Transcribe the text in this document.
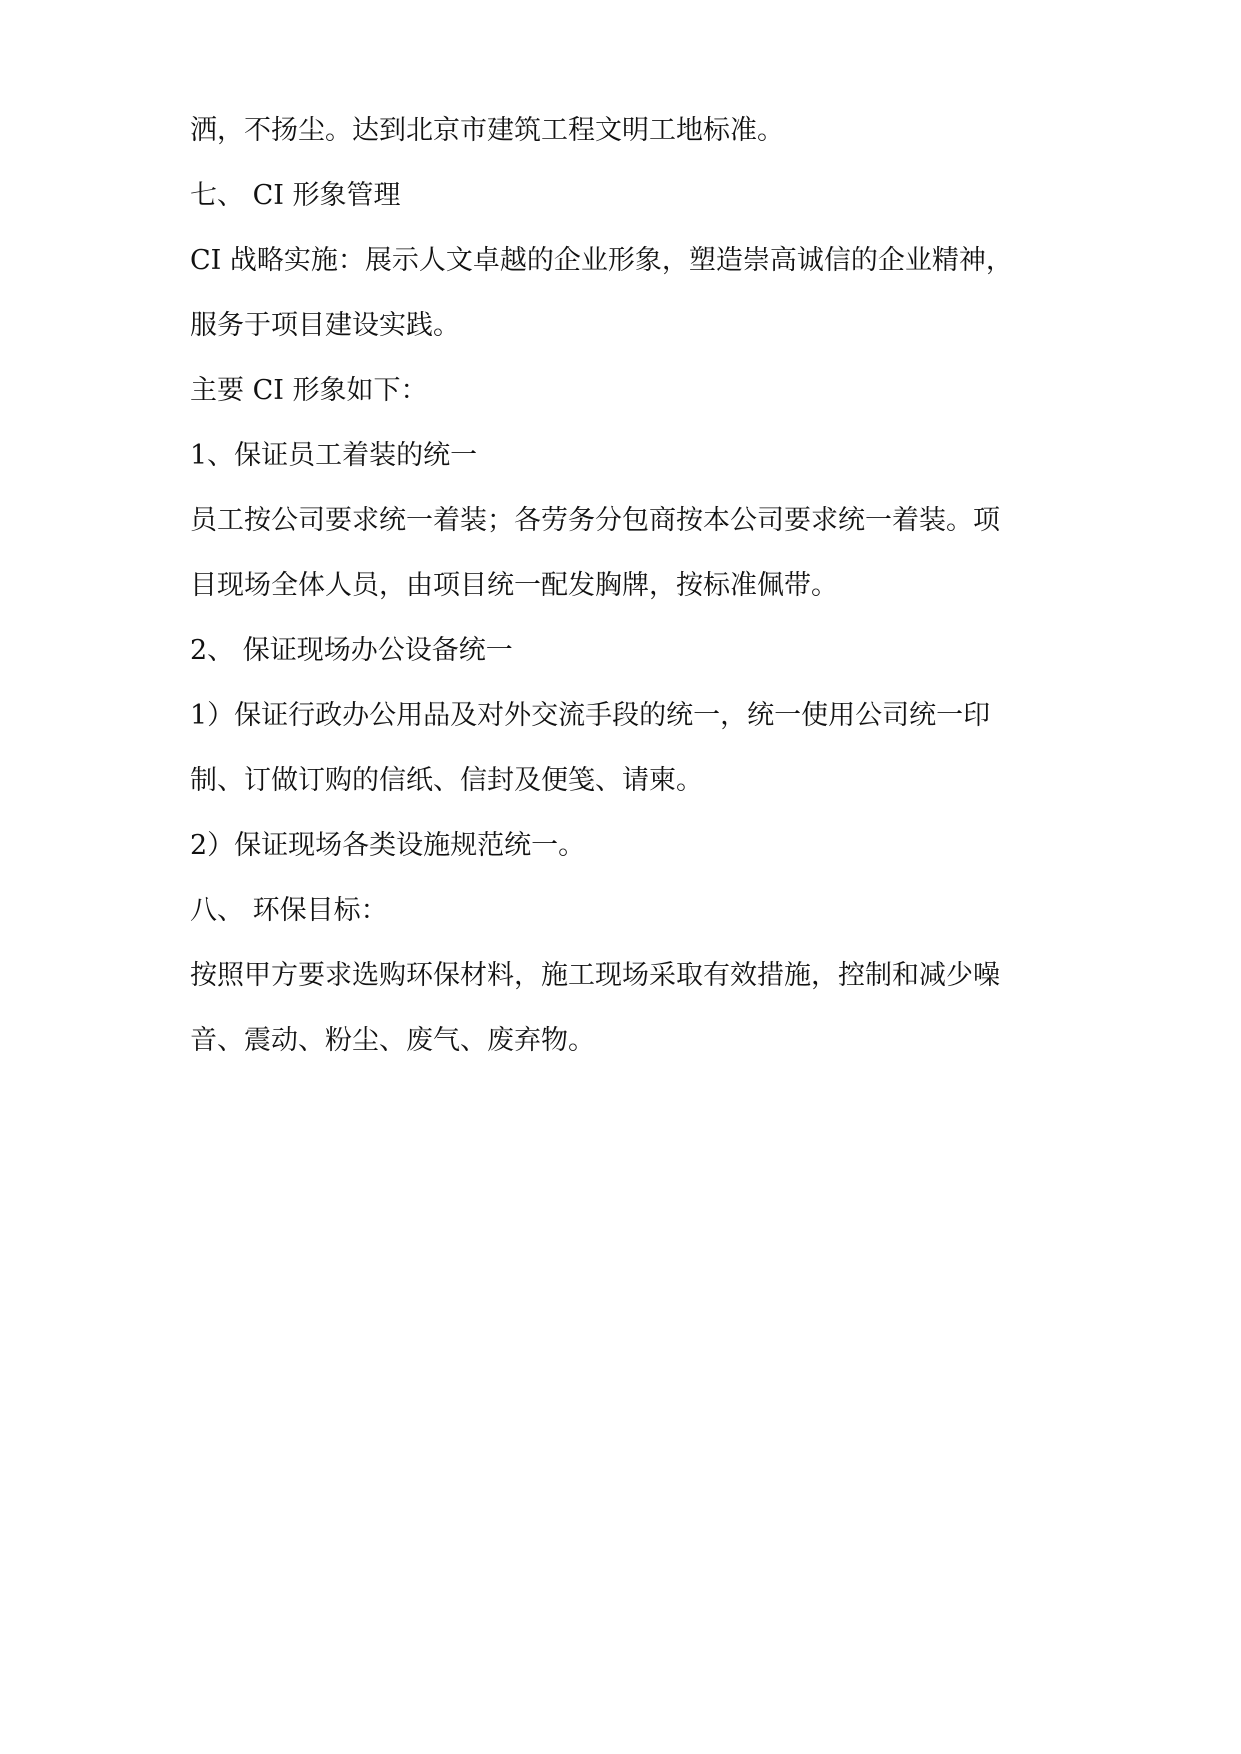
洒，不扬尘。达到北京市建筑工程文明工地标准。
七、 CI 形象管理
CI 战略实施：展示人文卓越的企业形象，塑造崇高诚信的企业精神，
服务于项目建设实践。
主要 CI 形象如下：
1、保证员工着装的统一
员工按公司要求统一着装；各劳务分包商按本公司要求统一着装。项
目现场全体人员，由项目统一配发胸牌，按标准佩带。
2、 保证现场办公设备统一
1）保证行政办公用品及对外交流手段的统一，统一使用公司统一印
制、订做订购的信纸、信封及便笺、请柬。
2）保证现场各类设施规范统一。
八、 环保目标：
按照甲方要求选购环保材料，施工现场采取有效措施，控制和减少噪
音、震动、粉尘、废气、废弃物。
